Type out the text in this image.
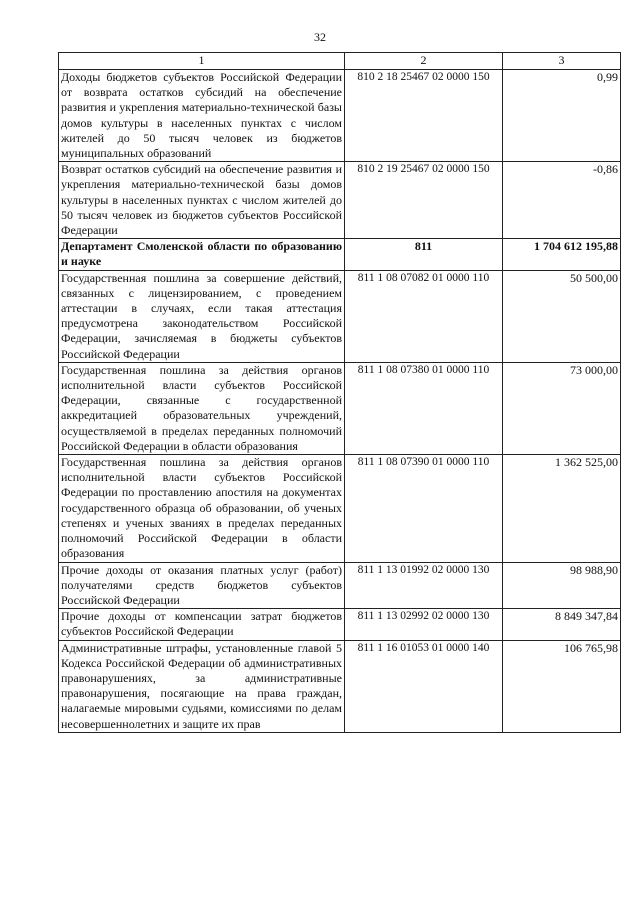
32
1	2	3
Доходы бюджетов субъектов Российской Федерации от возврата остатков субсидий на обеспечение развития и укрепления материально-технической базы домов культуры в населенных пунктах с числом жителей до 50 тысяч человек из бюджетов муниципальных образований	810 2 18 25467 02 0000 150	0,99
Возврат остатков субсидий на обеспечение развития и укрепления материально-технической базы домов культуры в населенных пунктах с числом жителей до 50 тысяч человек из бюджетов субъектов Российской Федерации	810 2 19 25467 02 0000 150	-0,86
Департамент Смоленской области по образованию и науке	811	1 704 612 195,88
Государственная пошлина за совершение действий, связанных с лицензированием, с проведением аттестации в случаях, если такая аттестация предусмотрена законодательством Российской Федерации, зачисляемая в бюджеты субъектов Российской Федерации	811 1 08 07082 01 0000 110	50 500,00
Государственная пошлина за действия органов исполнительной власти субъектов Российской Федерации, связанные с государственной аккредитацией образовательных учреждений, осуществляемой в пределах переданных полномочий Российской Федерации в области образования	811 1 08 07380 01 0000 110	73 000,00
Государственная пошлина за действия органов исполнительной власти субъектов Российской Федерации по проставлению апостиля на документах государственного образца об образовании, об ученых степенях и ученых званиях в пределах переданных полномочий Российской Федерации в области образования	811 1 08 07390 01 0000 110	1 362 525,00
Прочие доходы от оказания платных услуг (работ) получателями средств бюджетов субъектов Российской Федерации	811 1 13 01992 02 0000 130	98 988,90
Прочие доходы от компенсации затрат бюджетов субъектов Российской Федерации	811 1 13 02992 02 0000 130	8 849 347,84
Административные штрафы, установленные главой 5 Кодекса Российской Федерации об административных правонарушениях, за административные правонарушения, посягающие на права граждан, налагаемые мировыми судьями, комиссиями по делам несовершеннолетних и защите их прав	811 1 16 01053 01 0000 140	106 765,98
